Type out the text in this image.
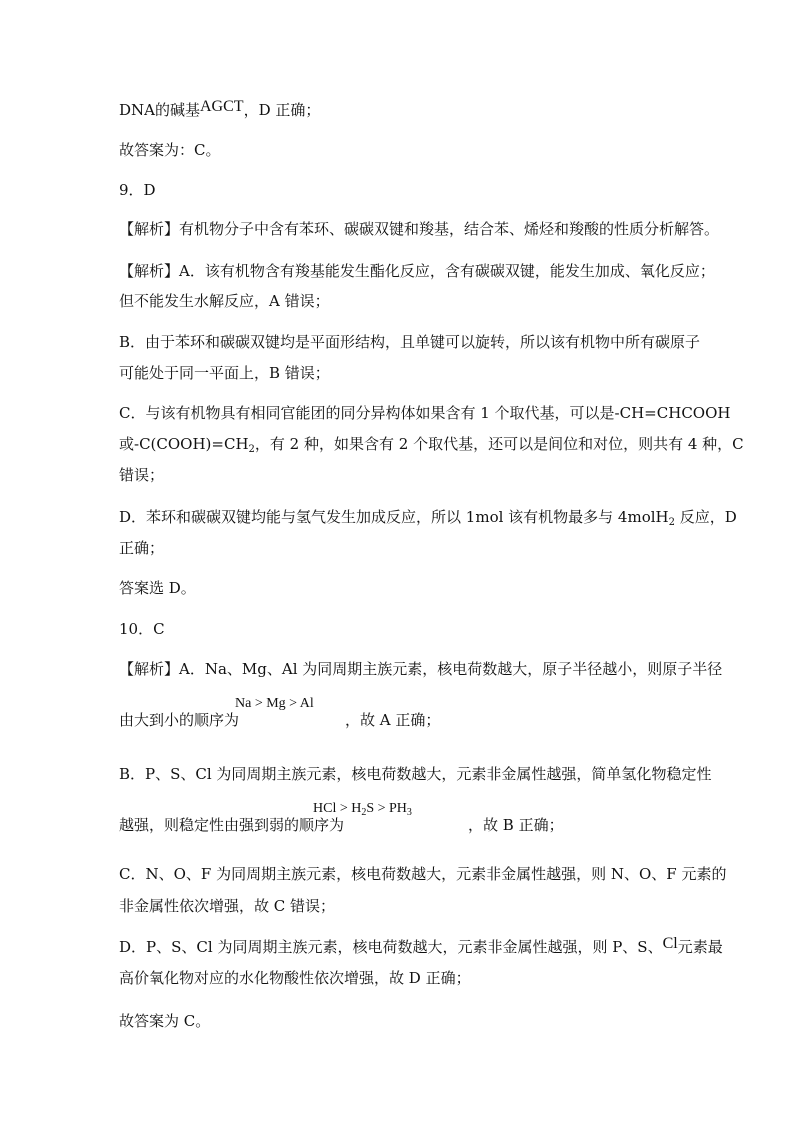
DNA的碱基AGCT，D 正确；
故答案为：C。
9．D
【解析】有机物分子中含有苯环、碳碳双键和羧基，结合苯、烯烃和羧酸的性质分析解答。
【解析】A．该有机物含有羧基能发生酯化反应，含有碳碳双键，能发生加成、氧化反应；
但不能发生水解反应，A 错误；
B．由于苯环和碳碳双键均是平面形结构，且单键可以旋转，所以该有机物中所有碳原子
可能处于同一平面上，B 错误；
C．与该有机物具有相同官能团的同分异构体如果含有 1 个取代基，可以是-CH=CHCOOH
或$-C(COOH)=CH_2$，有 2 种，如果含有 2 个取代基，还可以是间位和对位，则共有 4 种，C
错误；
D．苯环和碳碳双键均能与氢气发生加成反应，所以 1mol 该有机物最多与 4molH$_2$ 反应，D
正确；
答案选 D。
10．C
【解析】A．Na、Mg、Al 为同周期主族元素，核电荷数越大，原子半径越小，则原子半径
Na > Mg > Al
由大到小的顺序为	，故 A 正确；
B．P、S、Cl 为同周期主族元素，核电荷数越大，元素非金属性越强，简单氢化物稳定性
HCl > $H_2S > PH_3$
越强，则稳定性由强到弱的顺序为	，故 B 正确；
C．N、O、F 为同周期主族元素，核电荷数越大，元素非金属性越强，则 N、O、F 元素的
非金属性依次增强，故 C 错误；
D．P、S、Cl 为同周期主族元素，核电荷数越大，元素非金属性越强，则 P、S、Cl元素最
高价氧化物对应的水化物酸性依次增强，故 D 正确；
故答案为 C。
